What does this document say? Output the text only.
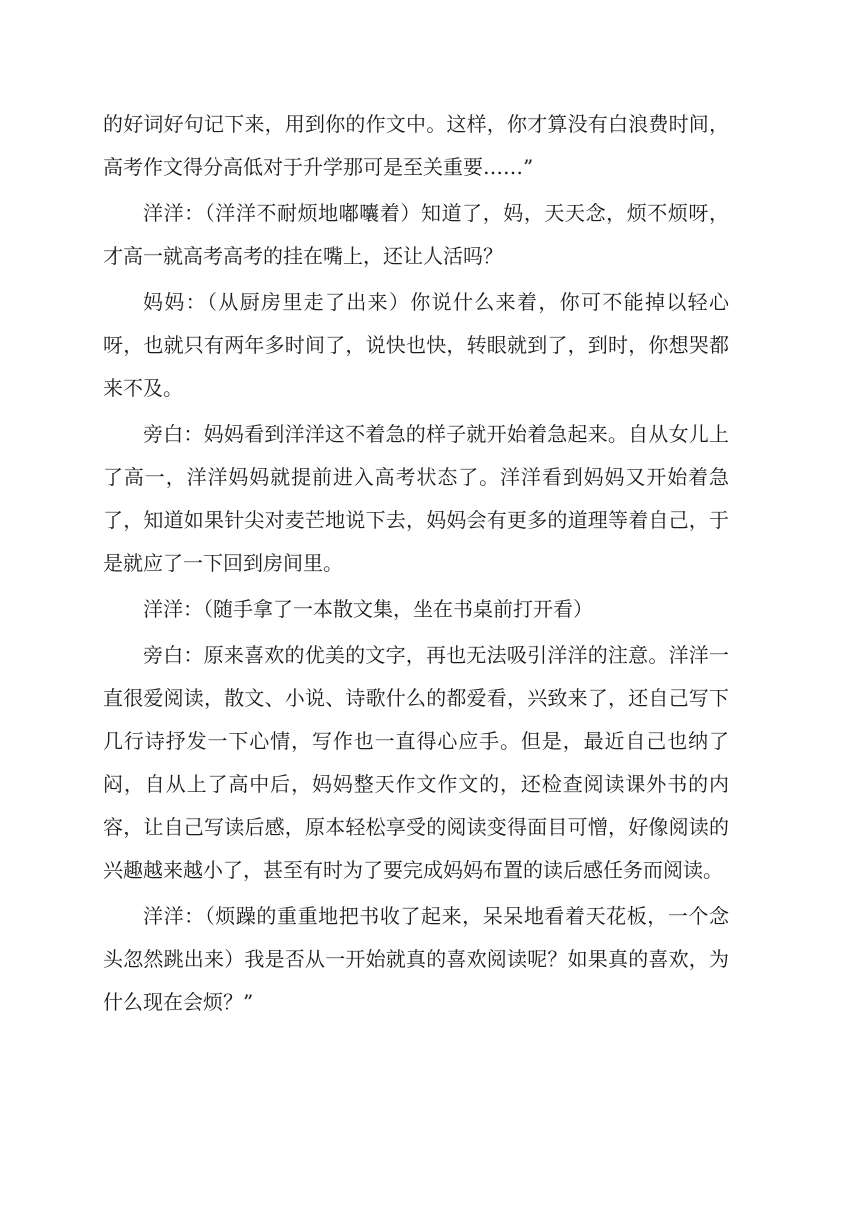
的好词好句记下来，用到你的作文中。这样，你才算没有白浪费时间，高考作文得分高低对于升学那可是至关重要……”

洋洋：（洋洋不耐烦地嘟囔着）知道了，妈，天天念，烦不烦呀，才高一就高考高考的挂在嘴上，还让人活吗？

妈妈：（从厨房里走了出来）你说什么来着，你可不能掉以轻心呀，也就只有两年多时间了，说快也快，转眼就到了，到时，你想哭都来不及。

旁白：妈妈看到洋洋这不着急的样子就开始着急起来。自从女儿上了高一，洋洋妈妈就提前进入高考状态了。洋洋看到妈妈又开始着急了，知道如果针尖对麦芒地说下去，妈妈会有更多的道理等着自己，于是就应了一下回到房间里。

洋洋：（随手拿了一本散文集，坐在书桌前打开看）

旁白：原来喜欢的优美的文字，再也无法吸引洋洋的注意。洋洋一直很爱阅读，散文、小说、诗歌什么的都爱看，兴致来了，还自己写下几行诗抒发一下心情，写作也一直得心应手。但是，最近自己也纳了闷，自从上了高中后，妈妈整天作文作文的，还检查阅读课外书的内容，让自己写读后感，原本轻松享受的阅读变得面目可憎，好像阅读的兴趣越来越小了，甚至有时为了要完成妈妈布置的读后感任务而阅读。

洋洋：（烦躁的重重地把书收了起来，呆呆地看着天花板，一个念头忽然跳出来）我是否从一开始就真的喜欢阅读呢？如果真的喜欢，为什么现在会烦？”
